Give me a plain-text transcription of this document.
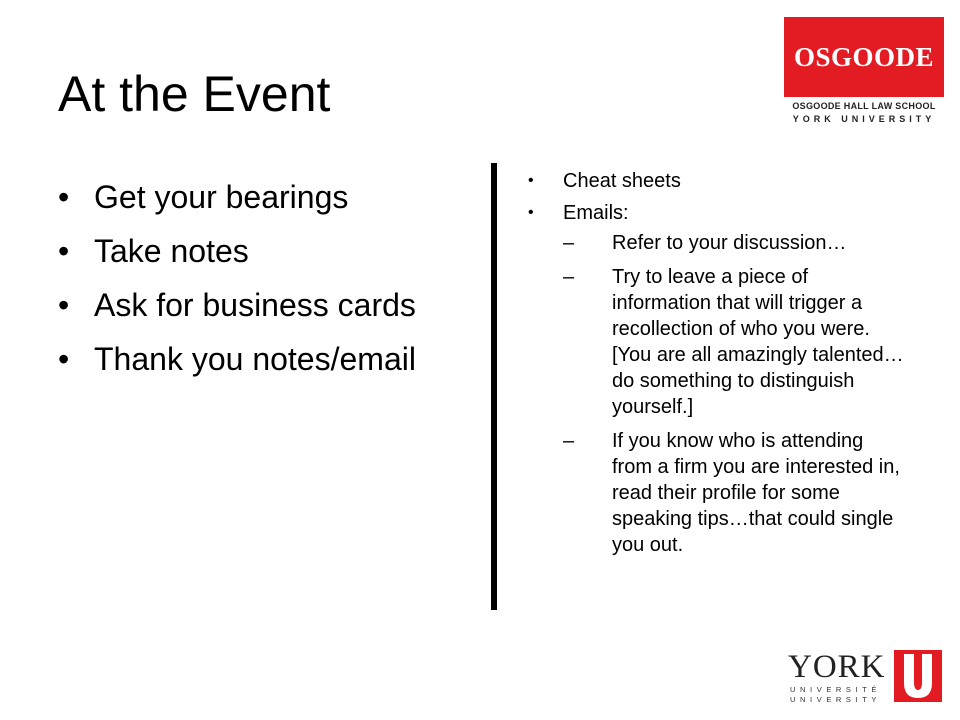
At the Event
OSGOODE
OSGOODE HALL LAW SCHOOL
YORK UNIVERSITY
• Get your bearings
• Take notes
• Ask for business cards
• Thank you notes/email
• Cheat sheets
• Emails:
–	Refer to your discussion…
–	Try to leave a piece of information that will trigger a recollection of who you were. [You are all amazingly talented…do something to distinguish yourself.]
–	If you know who is attending from a firm you are interested in, read their profile for some speaking tips…that could single you out.
YORK
UNIVERSITÉ
UNIVERSITY
